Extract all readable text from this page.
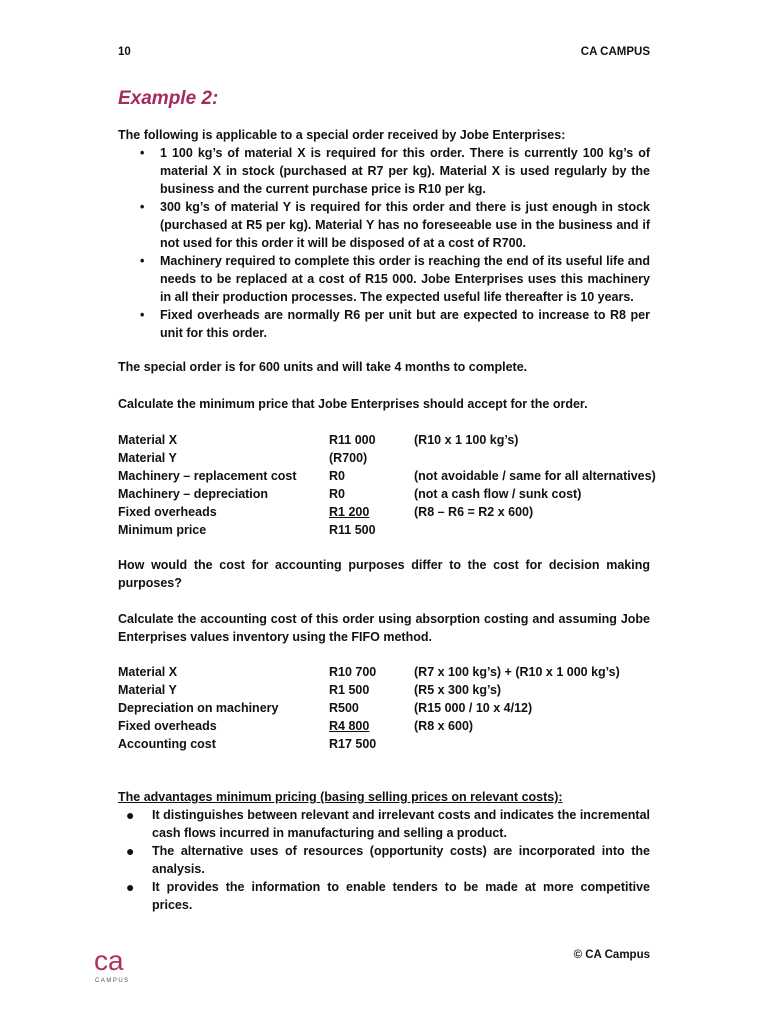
10	CA CAMPUS
Example 2:
The following is applicable to a special order received by Jobe Enterprises:
• 1 100 kg’s of material X is required for this order. There is currently 100 kg’s of material X in stock (purchased at R7 per kg). Material X is used regularly by the business and the current purchase price is R10 per kg.
• 300 kg’s of material Y is required for this order and there is just enough in stock (purchased at R5 per kg). Material Y has no foreseeable use in the business and if not used for this order it will be disposed of at a cost of R700.
• Machinery required to complete this order is reaching the end of its useful life and needs to be replaced at a cost of R15 000. Jobe Enterprises uses this machinery in all their production processes. The expected useful life thereafter is 10 years.
• Fixed overheads are normally R6 per unit but are expected to increase to R8 per unit for this order.
The special order is for 600 units and will take 4 months to complete.
Calculate the minimum price that Jobe Enterprises should accept for the order.
Material X	R11 000	(R10 x 1 100 kg’s)
Material Y	(R700)	
Machinery – replacement cost	R0	(not avoidable / same for all alternatives)
Machinery – depreciation	R0	(not a cash flow / sunk cost)
Fixed overheads	R1 200	(R8 – R6 = R2 x 600)
Minimum price	R11 500	
How would the cost for accounting purposes differ to the cost for decision making purposes?
Calculate the accounting cost of this order using absorption costing and assuming Jobe Enterprises values inventory using the FIFO method.
Material X	R10 700	(R7 x 100 kg’s) + (R10 x 1 000 kg’s)
Material Y	R1 500	(R5 x 300 kg’s)
Depreciation on machinery	R500	(R15 000 / 10 x 4/12)
Fixed overheads	R4 800	(R8 x 600)
Accounting cost	R17 500	
The advantages minimum pricing (basing selling prices on relevant costs):
● It distinguishes between relevant and irrelevant costs and indicates the incremental cash flows incurred in manufacturing and selling a product.
● The alternative uses of resources (opportunity costs) are incorporated into the analysis.
● It provides the information to enable tenders to be made at more competitive prices.
ca
CAMPUS
© CA Campus
